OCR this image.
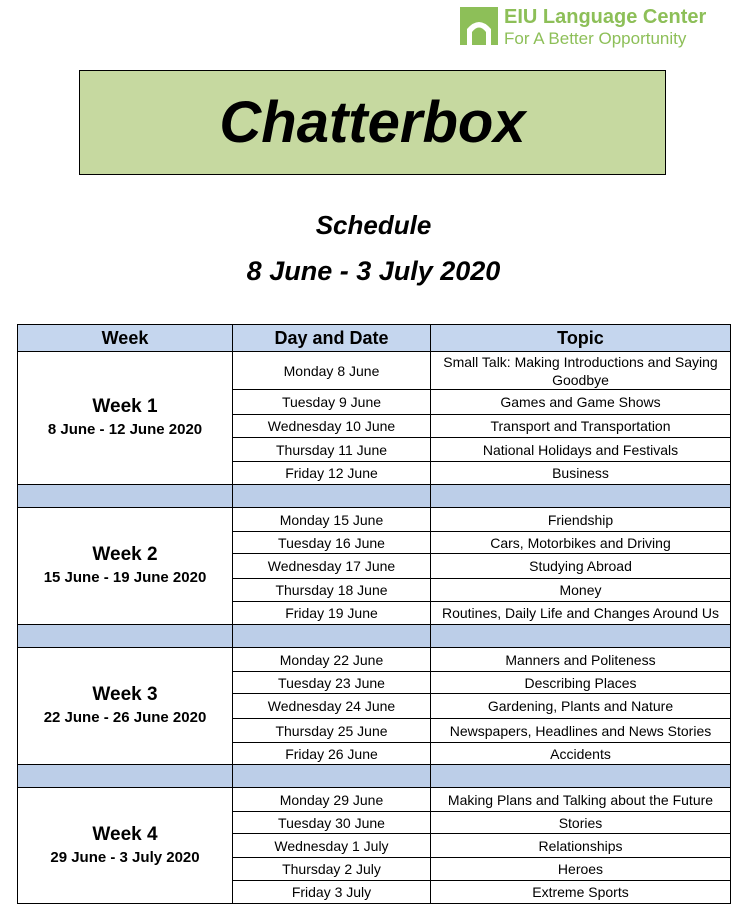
EIU Language Center
For A Better Opportunity
Chatterbox
Schedule
8 June - 3 July 2020
Week	Day and Date	Topic

Week 1
8 June - 12 June 2020	Monday 8 June	Small Talk: Making Introductions and Saying Goodbye
	Tuesday 9 June	Games and Game Shows
	Wednesday 10 June	Transport and Transportation
	Thursday 11 June	National Holidays and Festivals
	Friday 12 June	Business

Week 2
15 June - 19 June 2020	Monday 15 June	Friendship
	Tuesday 16 June	Cars, Motorbikes and Driving
	Wednesday 17 June	Studying Abroad
	Thursday 18 June	Money
	Friday 19 June	Routines, Daily Life and Changes Around Us

Week 3
22 June - 26 June 2020	Monday 22 June	Manners and Politeness
	Tuesday 23 June	Describing Places
	Wednesday 24 June	Gardening, Plants and Nature
	Thursday 25 June	Newspapers, Headlines and News Stories
	Friday 26 June	Accidents

Week 4
29 June - 3 July 2020	Monday 29 June	Making Plans and Talking about the Future
	Tuesday 30 June	Stories
	Wednesday 1 July	Relationships
	Thursday 2 July	Heroes
	Friday 3 July	Extreme Sports
